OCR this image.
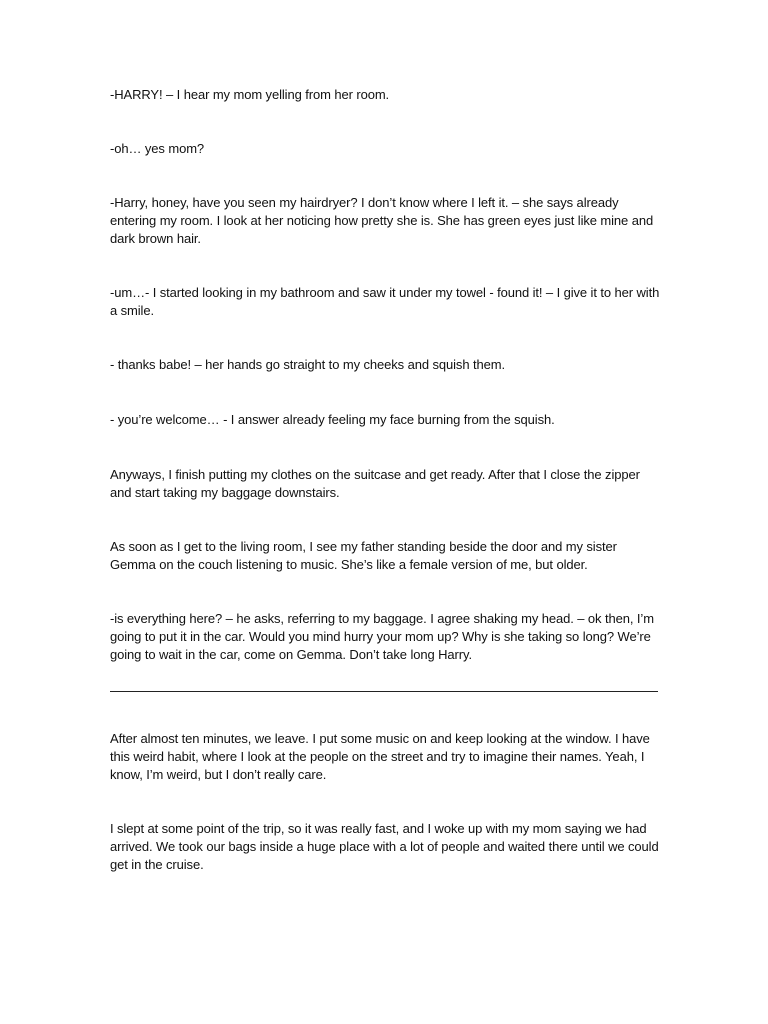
-HARRY! – I hear my mom yelling from her room.

-oh… yes mom?

-Harry, honey, have you seen my hairdryer? I don’t know where I left it. – she says already entering my room. I look at her noticing how pretty she is. She has green eyes just like mine and dark brown hair.

-um…- I started looking in my bathroom and saw it under my towel - found it! – I give it to her with a smile.

- thanks babe! – her hands go straight to my cheeks and squish them.

- you’re welcome… - I answer already feeling my face burning from the squish.

Anyways, I finish putting my clothes on the suitcase and get ready. After that I close the zipper and start taking my baggage downstairs.

As soon as I get to the living room, I see my father standing beside the door and my sister Gemma on the couch listening to music. She’s like a female version of me, but older.

-is everything here? – he asks, referring to my baggage. I agree shaking my head. – ok then, I’m going to put it in the car. Would you mind hurry your mom up? Why is she taking so long? We’re going to wait in the car, come on Gemma. Don’t take long Harry.

After almost ten minutes, we leave. I put some music on and keep looking at the window. I have this weird habit, where I look at the people on the street and try to imagine their names. Yeah, I know, I’m weird, but I don’t really care.

I slept at some point of the trip, so it was really fast, and I woke up with my mom saying we had arrived. We took our bags inside a huge place with a lot of people and waited there until we could get in the cruise.
